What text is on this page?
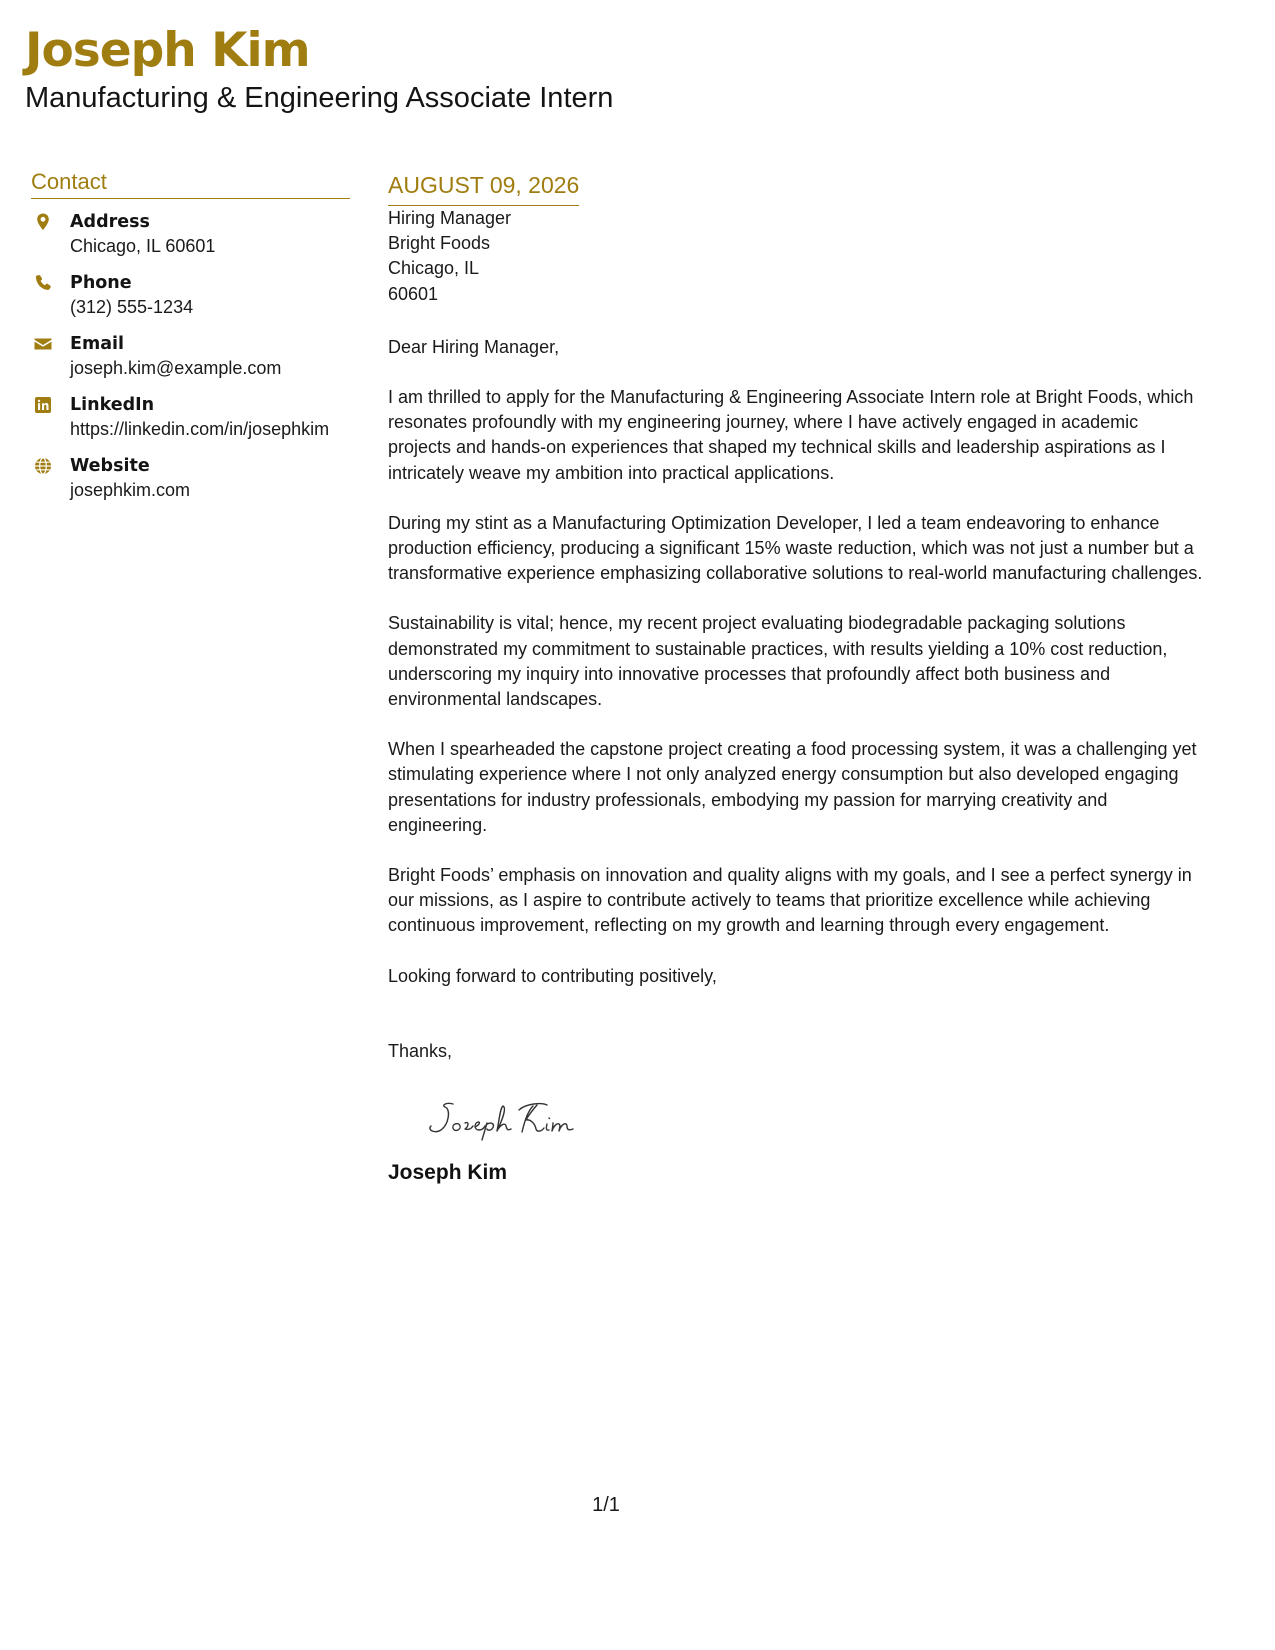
Joseph Kim
Manufacturing & Engineering Associate Intern
Contact
Address
Chicago, IL 60601
Phone
(312) 555-1234
Email
joseph.kim@example.com
LinkedIn
https://linkedin.com/in/josephkim
Website
josephkim.com
AUGUST 09, 2026
Hiring Manager
Bright Foods
Chicago, IL
60601

Dear Hiring Manager,

I am thrilled to apply for the Manufacturing & Engineering Associate Intern role at Bright Foods, which resonates profoundly with my engineering journey, where I have actively engaged in academic projects and hands-on experiences that shaped my technical skills and leadership aspirations as I intricately weave my ambition into practical applications.

During my stint as a Manufacturing Optimization Developer, I led a team endeavoring to enhance production efficiency, producing a significant 15% waste reduction, which was not just a number but a transformative experience emphasizing collaborative solutions to real-world manufacturing challenges.

Sustainability is vital; hence, my recent project evaluating biodegradable packaging solutions demonstrated my commitment to sustainable practices, with results yielding a 10% cost reduction, underscoring my inquiry into innovative processes that profoundly affect both business and environmental landscapes.

When I spearheaded the capstone project creating a food processing system, it was a challenging yet stimulating experience where I not only analyzed energy consumption but also developed engaging presentations for industry professionals, embodying my passion for marrying creativity and engineering.

Bright Foods’ emphasis on innovation and quality aligns with my goals, and I see a perfect synergy in our missions, as I aspire to contribute actively to teams that prioritize excellence while achieving continuous improvement, reflecting on my growth and learning through every engagement.

Looking forward to contributing positively,

Thanks,

Joseph Kim
1/1
